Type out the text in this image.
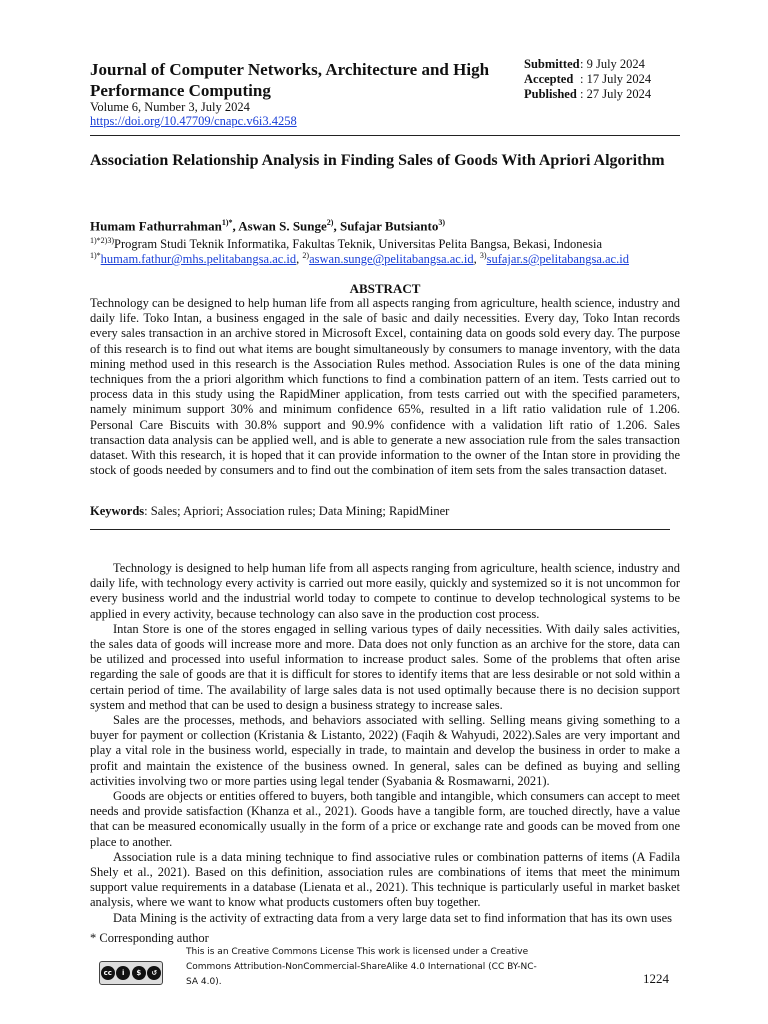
Journal of Computer Networks, Architecture and High Performance Computing
Volume 6, Number 3, July 2024
https://doi.org/10.47709/cnapc.v6i3.4258
Submitted: 9 July 2024
Accepted : 17 July 2024
Published : 27 July 2024
Association Relationship Analysis in Finding Sales of Goods With Apriori Algorithm
Humam Fathurrahman$^{1)*}$, Aswan S. Sunge$^{2)}$, Sufajar Butsianto$^{3)}$
$^{1)*2)3)}$Program Studi Teknik Informatika, Fakultas Teknik, Universitas Pelita Bangsa, Bekasi, Indonesia
$^{1)*}$humam.fathur@mhs.pelitabangsa.ac.id, $^{2)}$aswan.sunge@pelitabangsa.ac.id, $^{3)}$sufajar.s@pelitabangsa.ac.id
ABSTRACT
Technology can be designed to help human life from all aspects ranging from agriculture, health science, industry and daily life. Toko Intan, a business engaged in the sale of basic and daily necessities. Every day, Toko Intan records every sales transaction in an archive stored in Microsoft Excel, containing data on goods sold every day. The purpose of this research is to find out what items are bought simultaneously by consumers to manage inventory, with the data mining method used in this research is the Association Rules method. Association Rules is one of the data mining techniques from the a priori algorithm which functions to find a combination pattern of an item. Tests carried out to process data in this study using the RapidMiner application, from tests carried out with the specified parameters, namely minimum support 30% and minimum confidence 65%, resulted in a lift ratio validation rule of 1.206. Personal Care Biscuits with 30.8% support and 90.9% confidence with a validation lift ratio of 1.206. Sales transaction data analysis can be applied well, and is able to generate a new association rule from the sales transaction dataset. With this research, it is hoped that it can provide information to the owner of the Intan store in providing the stock of goods needed by consumers and to find out the combination of item sets from the sales transaction dataset.
Keywords: Sales; Apriori; Association rules; Data Mining; RapidMiner

Technology is designed to help human life from all aspects ranging from agriculture, health science, industry and daily life, with technology every activity is carried out more easily, quickly and systemized so it is not uncommon for every business world and the industrial world today to compete to continue to develop technological systems to be applied in every activity, because technology can also save in the production cost process.

Intan Store is one of the stores engaged in selling various types of daily necessities. With daily sales activities, the sales data of goods will increase more and more. Data does not only function as an archive for the store, data can be utilized and processed into useful information to increase product sales. Some of the problems that often arise regarding the sale of goods are that it is difficult for stores to identify items that are less desirable or not sold within a certain period of time. The availability of large sales data is not used optimally because there is no decision support system and method that can be used to design a business strategy to increase sales.

Sales are the processes, methods, and behaviors associated with selling. Selling means giving something to a buyer for payment or collection (Kristania & Listanto, 2022) (Faqih & Wahyudi, 2022).Sales are very important and play a vital role in the business world, especially in trade, to maintain and develop the business in order to make a profit and maintain the existence of the business owned. In general, sales can be defined as buying and selling activities involving two or more parties using legal tender (Syabania & Rosmawarni, 2021).

Goods are objects or entities offered to buyers, both tangible and intangible, which consumers can accept to meet needs and provide satisfaction (Khanza et al., 2021). Goods have a tangible form, are touched directly, have a value that can be measured economically usually in the form of a price or exchange rate and goods can be moved from one place to another.

Association rule is a data mining technique to find associative rules or combination patterns of items (A Fadila Shely et al., 2021). Based on this definition, association rules are combinations of items that meet the minimum support value requirements in a database (Lienata et al., 2021). This technique is particularly useful in market basket analysis, where we want to know what products customers often buy together.

Data Mining is the activity of extracting data from a very large data set to find information that has its own uses

* Corresponding author
cc	i	$	↺
This is an Creative Commons License This work is licensed under a Creative Commons Attribution-NonCommercial-ShareAlike 4.0 International (CC BY-NC-SA 4.0).	1224
